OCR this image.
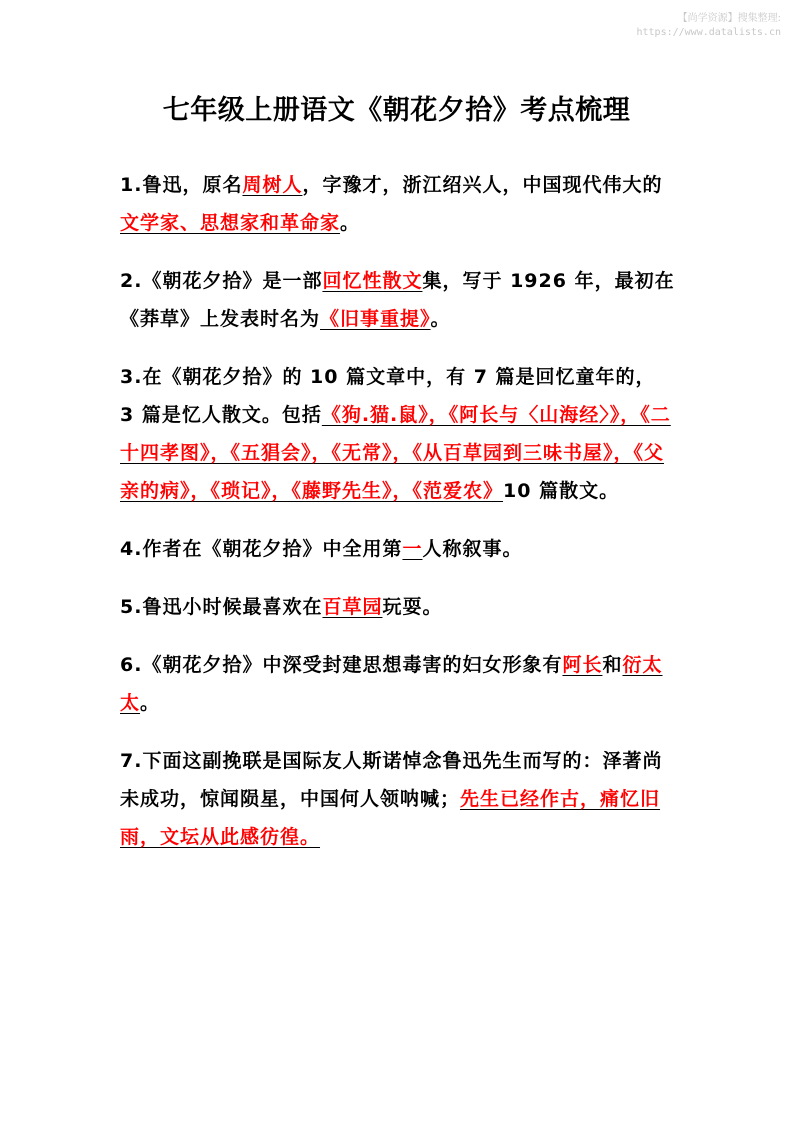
【尚学资源】搜集整理:
https://www.datalists.cn
七年级上册语文《朝花夕拾》考点梳理
1.鲁迅，原名周树人，字豫才，浙江绍兴人，中国现代伟大的文学家、思想家和革命家。
2.《朝花夕拾》是一部回忆性散文集，写于 1926 年，最初在《莽草》上发表时名为《旧事重提》。
3.在《朝花夕拾》的 10 篇文章中，有 7 篇是回忆童年的， 3 篇是忆人散文。包括《狗.猫.鼠》，《阿长与〈山海经〉》，《二十四孝图》，《五猖会》，《无常》，《从百草园到三味书屋》，《父亲的病》，《琐记》，《藤野先生》，《范爱农》10 篇散文。
4.作者在《朝花夕拾》中全用第一人称叙事。
5.鲁迅小时候最喜欢在百草园玩耍。
6.《朝花夕拾》中深受封建思想毒害的妇女形象有阿长和衍太太。
7.下面这副挽联是国际友人斯诺悼念鲁迅先生而写的：泽著尚未成功，惊闻陨星，中国何人领呐喊；先生已经作古，痛忆旧雨，文坛从此感彷徨。
